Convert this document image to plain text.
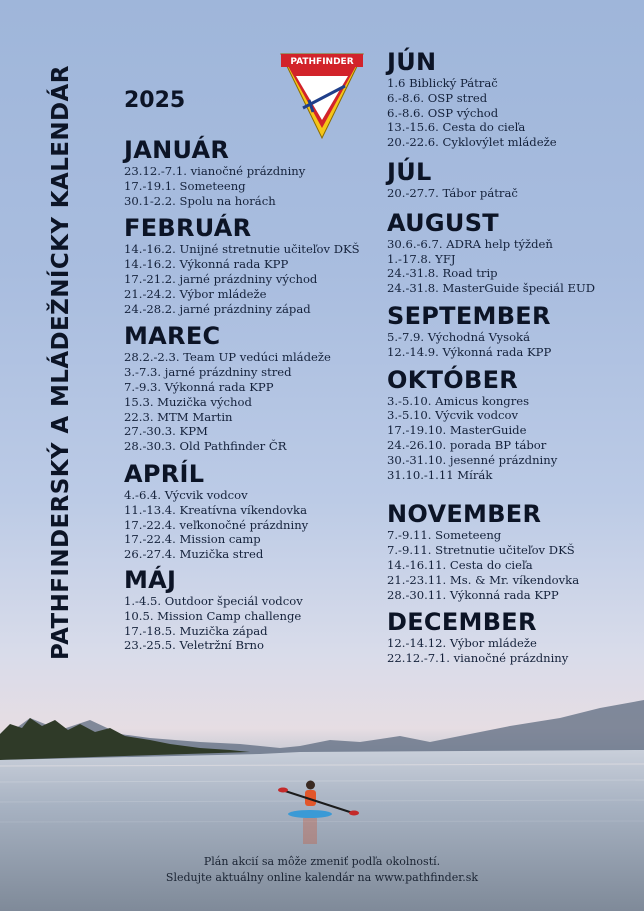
PATHFINDER
PATHFINDERSKÝ A MLÁDEŽNÍCKY KALENDÁR 2025
JANUÁR
23.12.-7.1. vianočné prázdniny
17.-19.1. Someteeng
30.1-2.2. Spolu na horách
FEBRUÁR
14.-16.2. Unijné stretnutie učiteľov DKŠ
14.-16.2. Výkonná rada KPP
17.-21.2. jarné prázdniny východ
21.-24.2. Výbor mládeže
24.-28.2. jarné prázdniny západ
MAREC
28.2.-2.3. Team UP vedúci mládeže
3.-7.3. jarné prázdniny stred
7.-9.3. Výkonná rada KPP
15.3. Muzička východ
22.3. MTM Martin
27.-30.3. KPM
28.-30.3. Old Pathfinder ČR
APRÍL
4.-6.4. Výcvik vodcov
11.-13.4. Kreatívna víkendovka
17.-22.4. veľkonočné prázdniny
17.-22.4. Mission camp
26.-27.4. Muzička stred
MÁJ
1.-4.5. Outdoor špeciál vodcov
10.5. Mission Camp challenge
17.-18.5. Muzička západ
23.-25.5. Veletržní Brno
JÚN
1.6 Biblický Pátrač
6.-8.6. OSP stred
6.-8.6. OSP východ
13.-15.6. Cesta do cieľa
20.-22.6. Cyklovýlet mládeže
JÚL
20.-27.7. Tábor pátrač
AUGUST
30.6.-6.7. ADRA help týždeň
1.-17.8. YFJ
24.-31.8. Road trip
24.-31.8. MasterGuide špeciál EUD
SEPTEMBER
5.-7.9. Východná Vysoká
12.-14.9. Výkonná rada KPP
OKTÓBER
3.-5.10. Amicus kongres
3.-5.10. Výcvik vodcov
17.-19.10. MasterGuide
24.-26.10. porada BP tábor
30.-31.10. jesenné prázdniny
31.10.-1.11 Mírák
NOVEMBER
7.-9.11. Someteeng
7.-9.11. Stretnutie učiteľov DKŠ
14.-16.11. Cesta do cieľa
21.-23.11. Ms. & Mr. víkendovka
28.-30.11. Výkonná rada KPP
DECEMBER
12.-14.12. Výbor mládeže
22.12.-7.1. vianočné prázdniny
Plán akcií sa môže zmeniť podľa okolností.
Sledujte aktuálny online kalendár na www.pathfinder.sk
